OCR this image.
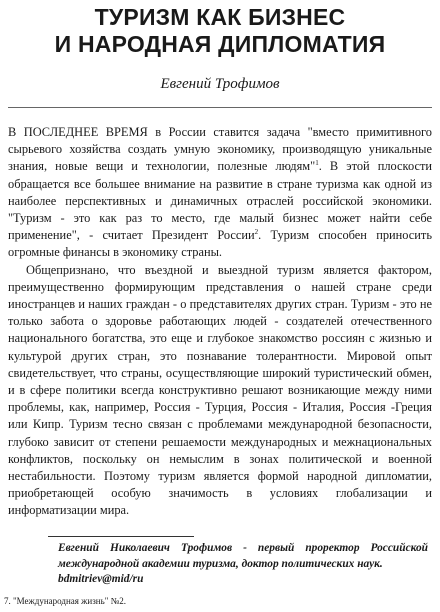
ТУРИЗМ КАК БИЗНЕС
И НАРОДНАЯ ДИПЛОМАТИЯ
Евгений Трофимов

В ПОСЛЕДНЕЕ ВРЕМЯ в России ставится задача "вместо примитивного сырьевого хозяйства создать умную экономику, производящую уникальные знания, новые вещи и технологии, полезные людям"$^1$. В этой плоскости обращается все большее внимание на развитие в стране туризма как одной из наиболее перспективных и динамичных отраслей российской экономики. "Туризм - это как раз то место, где малый бизнес может найти себе применение", - считает Президент России$^2$. Туризм способен приносить огромные финансы в экономику страны.

Общепризнано, что въездной и выездной туризм является фактором, преимущественно формирующим представления о нашей стране среди иностранцев и наших граждан - о представителях других стран. Туризм - это не только забота о здоровье работающих людей - создателей отечественного национального богатства, это еще и глубокое знакомство россиян с жизнью и культурой других стран, это познавание толерантности. Мировой опыт свидетельствует, что страны, осуществляющие широкий туристический обмен, и в сфере политики всегда конструктивно решают возникающие между ними проблемы, как, например, Россия - Турция, Россия - Италия, Россия -Греция или Кипр. Туризм тесно связан с проблемами международной безопасности, глубоко зависит от степени решаемости международных и межнациональных конфликтов, поскольку он немыслим в зонах политической и военной нестабильности. Поэтому туризм является формой народной дипломатии, приобретающей особую значимость в условиях глобализации и информатизации мира.

Евгений Николаевич Трофимов - первый проректор Российской международной академии туризма, доктор политических наук.
bdmitriev@mid/ru
7. "Международная жизнь" №2.
